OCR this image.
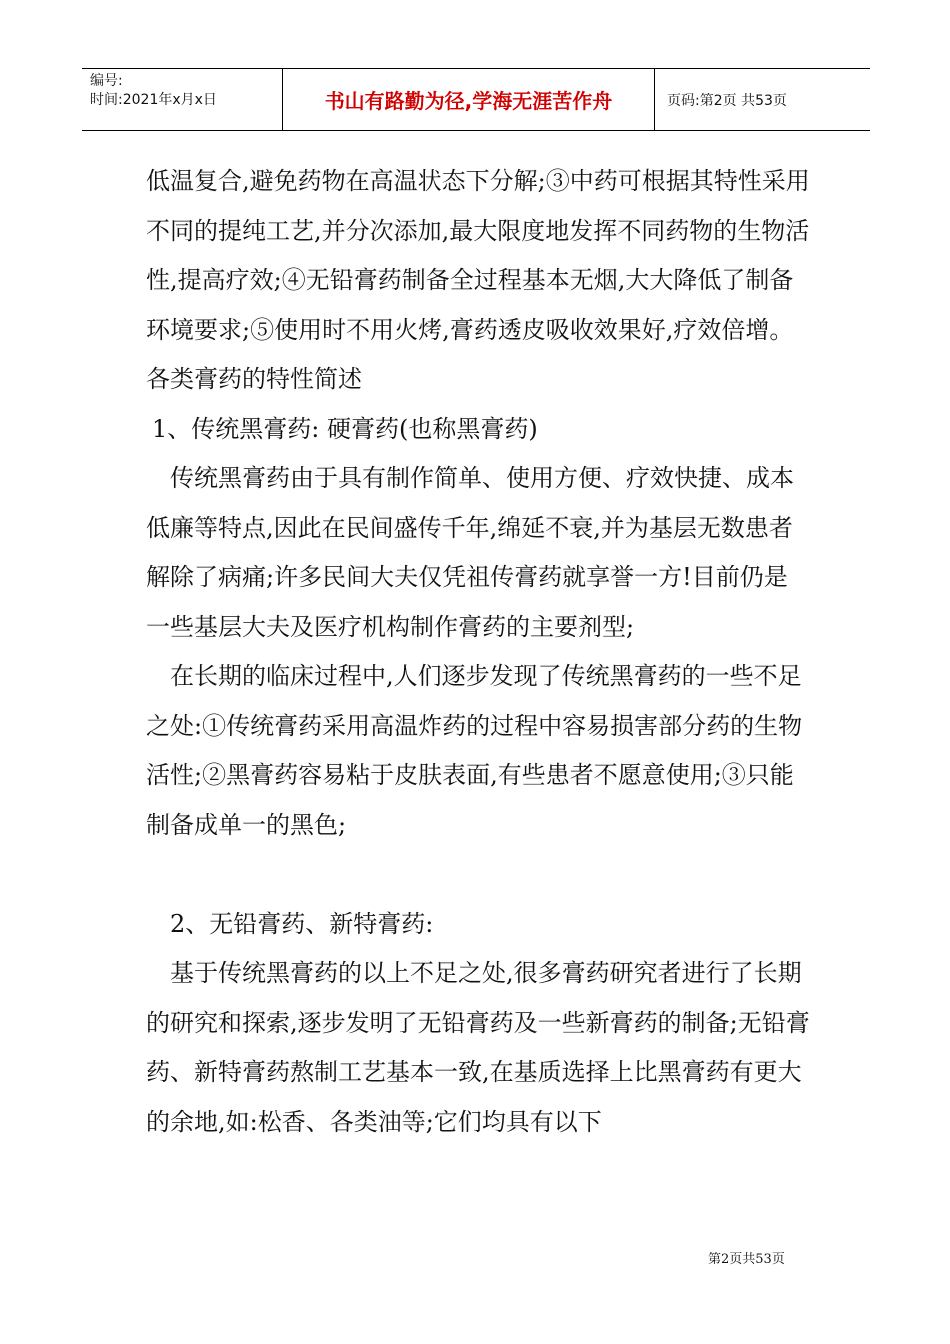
编号:
时间:2021年x月x日	书山有路勤为径,学海无涯苦作舟	页码:第2页 共53页

低温复合,避免药物在高温状态下分解;③中药可根据其特性采用不同的提纯工艺,并分次添加,最大限度地发挥不同药物的生物活性,提高疗效;④无铅膏药制备全过程基本无烟,大大降低了制备环境要求;⑤使用时不用火烤,膏药透皮吸收效果好,疗效倍增。

各类膏药的特性简述

1、传统黑膏药: 硬膏药(也称黑膏药)

传统黑膏药由于具有制作简单、使用方便、疗效快捷、成本低廉等特点,因此在民间盛传千年,绵延不衰,并为基层无数患者解除了病痛;许多民间大夫仅凭祖传膏药就享誉一方!目前仍是一些基层大夫及医疗机构制作膏药的主要剂型;

在长期的临床过程中,人们逐步发现了传统黑膏药的一些不足之处:①传统膏药采用高温炸药的过程中容易损害部分药的生物活性;②黑膏药容易粘于皮肤表面,有些患者不愿意使用;③只能制备成单一的黑色;

2、无铅膏药、新特膏药:

基于传统黑膏药的以上不足之处,很多膏药研究者进行了长期的研究和探索,逐步发明了无铅膏药及一些新膏药的制备;无铅膏药、新特膏药熬制工艺基本一致,在基质选择上比黑膏药有更大的余地,如:松香、各类油等;它们均具有以下

第2页共53页
